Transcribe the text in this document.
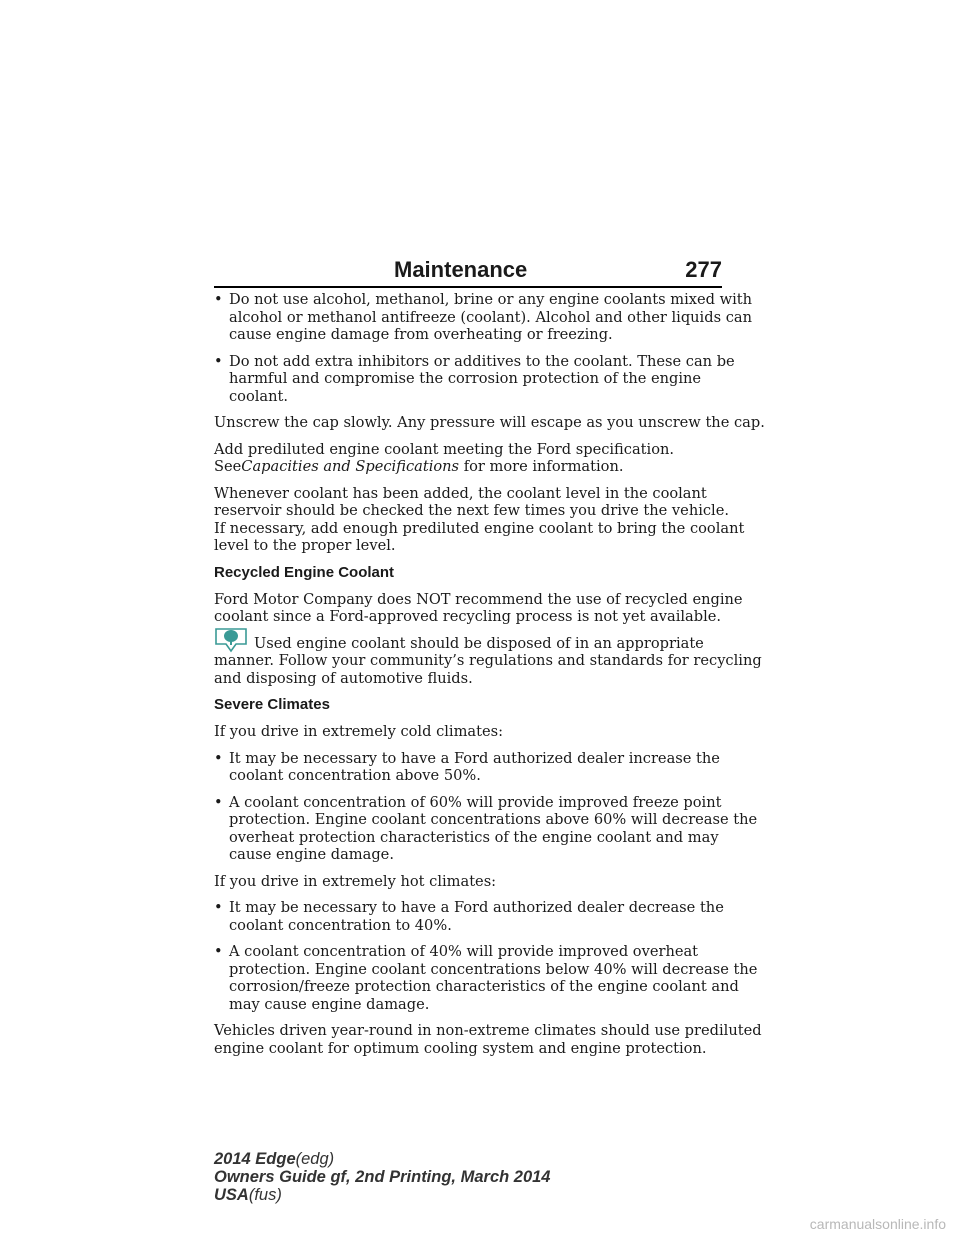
Maintenance	277
• Do not use alcohol, methanol, brine or any engine coolants mixed with
alcohol or methanol antifreeze (coolant). Alcohol and other liquids can
cause engine damage from overheating or freezing.
• Do not add extra inhibitors or additives to the coolant. These can be
harmful and compromise the corrosion protection of the engine
coolant.
Unscrew the cap slowly. Any pressure will escape as you unscrew the cap.
Add prediluted engine coolant meeting the Ford specification.
SeeCapacities and Specifications for more information.
Whenever coolant has been added, the coolant level in the coolant
reservoir should be checked the next few times you drive the vehicle.
If necessary, add enough prediluted engine coolant to bring the coolant
level to the proper level.
Recycled Engine Coolant
Ford Motor Company does NOT recommend the use of recycled engine
coolant since a Ford-approved recycling process is not yet available.
Used engine coolant should be disposed of in an appropriate
manner. Follow your community’s regulations and standards for recycling
and disposing of automotive fluids.
Severe Climates
If you drive in extremely cold climates:
• It may be necessary to have a Ford authorized dealer increase the
coolant concentration above 50%.
• A coolant concentration of 60% will provide improved freeze point
protection. Engine coolant concentrations above 60% will decrease the
overheat protection characteristics of the engine coolant and may
cause engine damage.
If you drive in extremely hot climates:
• It may be necessary to have a Ford authorized dealer decrease the
coolant concentration to 40%.
• A coolant concentration of 40% will provide improved overheat
protection. Engine coolant concentrations below 40% will decrease the
corrosion/freeze protection characteristics of the engine coolant and
may cause engine damage.
Vehicles driven year-round in non-extreme climates should use prediluted
engine coolant for optimum cooling system and engine protection.
2014 Edge(edg)
Owners Guide gf, 2nd Printing, March 2014
USA(fus)
carmanualsonline.info
